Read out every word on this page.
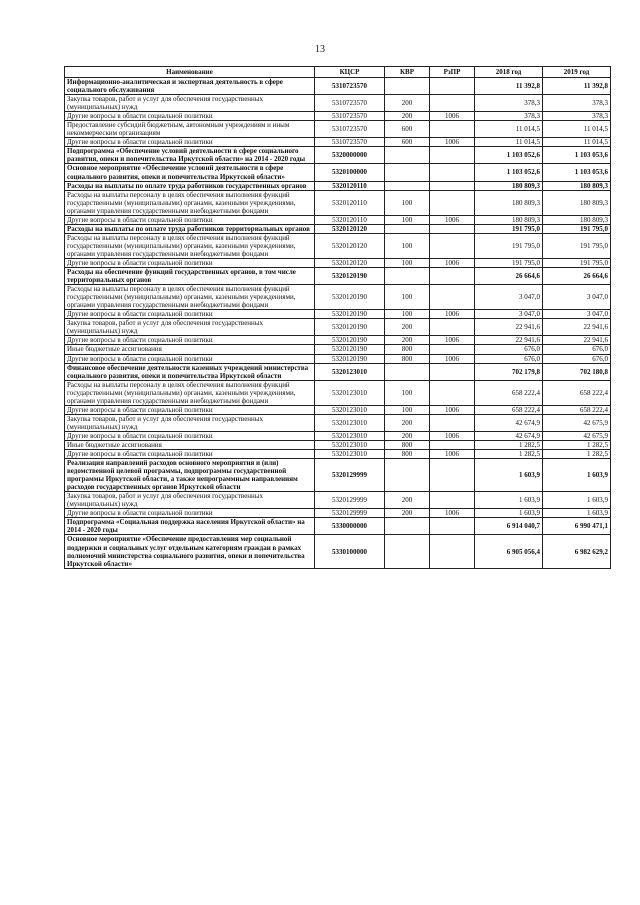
13
Наименование	КЦСР	КВР	РзПР	2018 год	2019 год
Информационно-аналитическая и экспертная деятельность в сфере социального обслуживания	5310723570			11 392,8	11 392,8
Закупка товаров, работ и услуг для обеспечения государственных (муниципальных) нужд	5310723570	200		378,3	378,3
Другие вопросы в области социальной политики	5310723570	200	1006	378,3	378,3
Предоставление субсидий бюджетным, автономным учреждениям и иным некоммерческим организациям	5310723570	600		11 014,5	11 014,5
Другие вопросы в области социальной политики	5310723570	600	1006	11 014,5	11 014,5
Подпрограмма «Обеспечение условий деятельности в сфере социального развития, опеки и попечительства Иркутской области» на 2014 - 2020 годы	5320000000			1 103 052,6	1 103 053,6
Основное мероприятие «Обеспечение условий деятельности в сфере социального развития, опеки и попечительства Иркутской области»	5320100000			1 103 052,6	1 103 053,6
Расходы на выплаты по оплате труда работников государственных органов	5320120110			180 809,3	180 809,3
Расходы на выплаты персоналу в целях обеспечения выполнения функций государственными (муниципальными) органами, казенными учреждениями, органами управления государственными внебюджетными фондами	5320120110	100		180 809,3	180 809,3
Другие вопросы в области социальной политики	5320120110	100	1006	180 809,3	180 809,3
Расходы на выплаты по оплате труда работников территориальных органов	5320120120			191 795,0	191 795,0
Расходы на выплаты персоналу в целях обеспечения выполнения функций государственными (муниципальными) органами, казенными учреждениями, органами управления государственными внебюджетными фондами	5320120120	100		191 795,0	191 795,0
Другие вопросы в области социальной политики	5320120120	100	1006	191 795,0	191 795,0
Расходы на обеспечение функций государственных органов, в том числе территориальных органов	5320120190			26 664,6	26 664,6
Расходы на выплаты персоналу в целях обеспечения выполнения функций государственными (муниципальными) органами, казенными учреждениями, органами управления государственными внебюджетными фондами	5320120190	100		3 047,0	3 047,0
Другие вопросы в области социальной политики	5320120190	100	1006	3 047,0	3 047,0
Закупка товаров, работ и услуг для обеспечения государственных (муниципальных) нужд	5320120190	200		22 941,6	22 941,6
Другие вопросы в области социальной политики	5320120190	200	1006	22 941,6	22 941,6
Иные бюджетные ассигнования	5320120190	800		676,0	676,0
Другие вопросы в области социальной политики	5320120190	800	1006	676,0	676,0
Финансовое обеспечение деятельности казенных учреждений министерства социального развития, опеки и попечительства Иркутской области	5320123010			702 179,8	702 180,8
Расходы на выплаты персоналу в целях обеспечения выполнения функций государственными (муниципальными) органами, казенными учреждениями, органами управления государственными внебюджетными фондами	5320123010	100		658 222,4	658 222,4
Другие вопросы в области социальной политики	5320123010	100	1006	658 222,4	658 222,4
Закупка товаров, работ и услуг для обеспечения государственных (муниципальных) нужд	5320123010	200		42 674,9	42 675,9
Другие вопросы в области социальной политики	5320123010	200	1006	42 674,9	42 675,9
Иные бюджетные ассигнования	5320123010	800		1 282,5	1 282,5
Другие вопросы в области социальной политики	5320123010	800	1006	1 282,5	1 282,5
Реализация направлений расходов основного мероприятия и (или) ведомственной целевой программы, подпрограммы государственной программы Иркутской области, а также непрограммным направлениям расходов государственных органов Иркутской области	5320129999			1 603,9	1 603,9
Закупка товаров, работ и услуг для обеспечения государственных (муниципальных) нужд	5320129999	200		1 603,9	1 603,9
Другие вопросы в области социальной политики	5320129999	200	1006	1 603,9	1 603,9
Подпрограмма «Социальная поддержка населения Иркутской области» на 2014 - 2020 годы	5330000000			6 914 040,7	6 990 471,1
Основное мероприятие «Обеспечение предоставления мер социальной поддержки и социальных услуг отдельным категориям граждан в рамках полномочий министерства социального развития, опеки и попечительства Иркутской области»	5330100000			6 905 056,4	6 982 629,2
